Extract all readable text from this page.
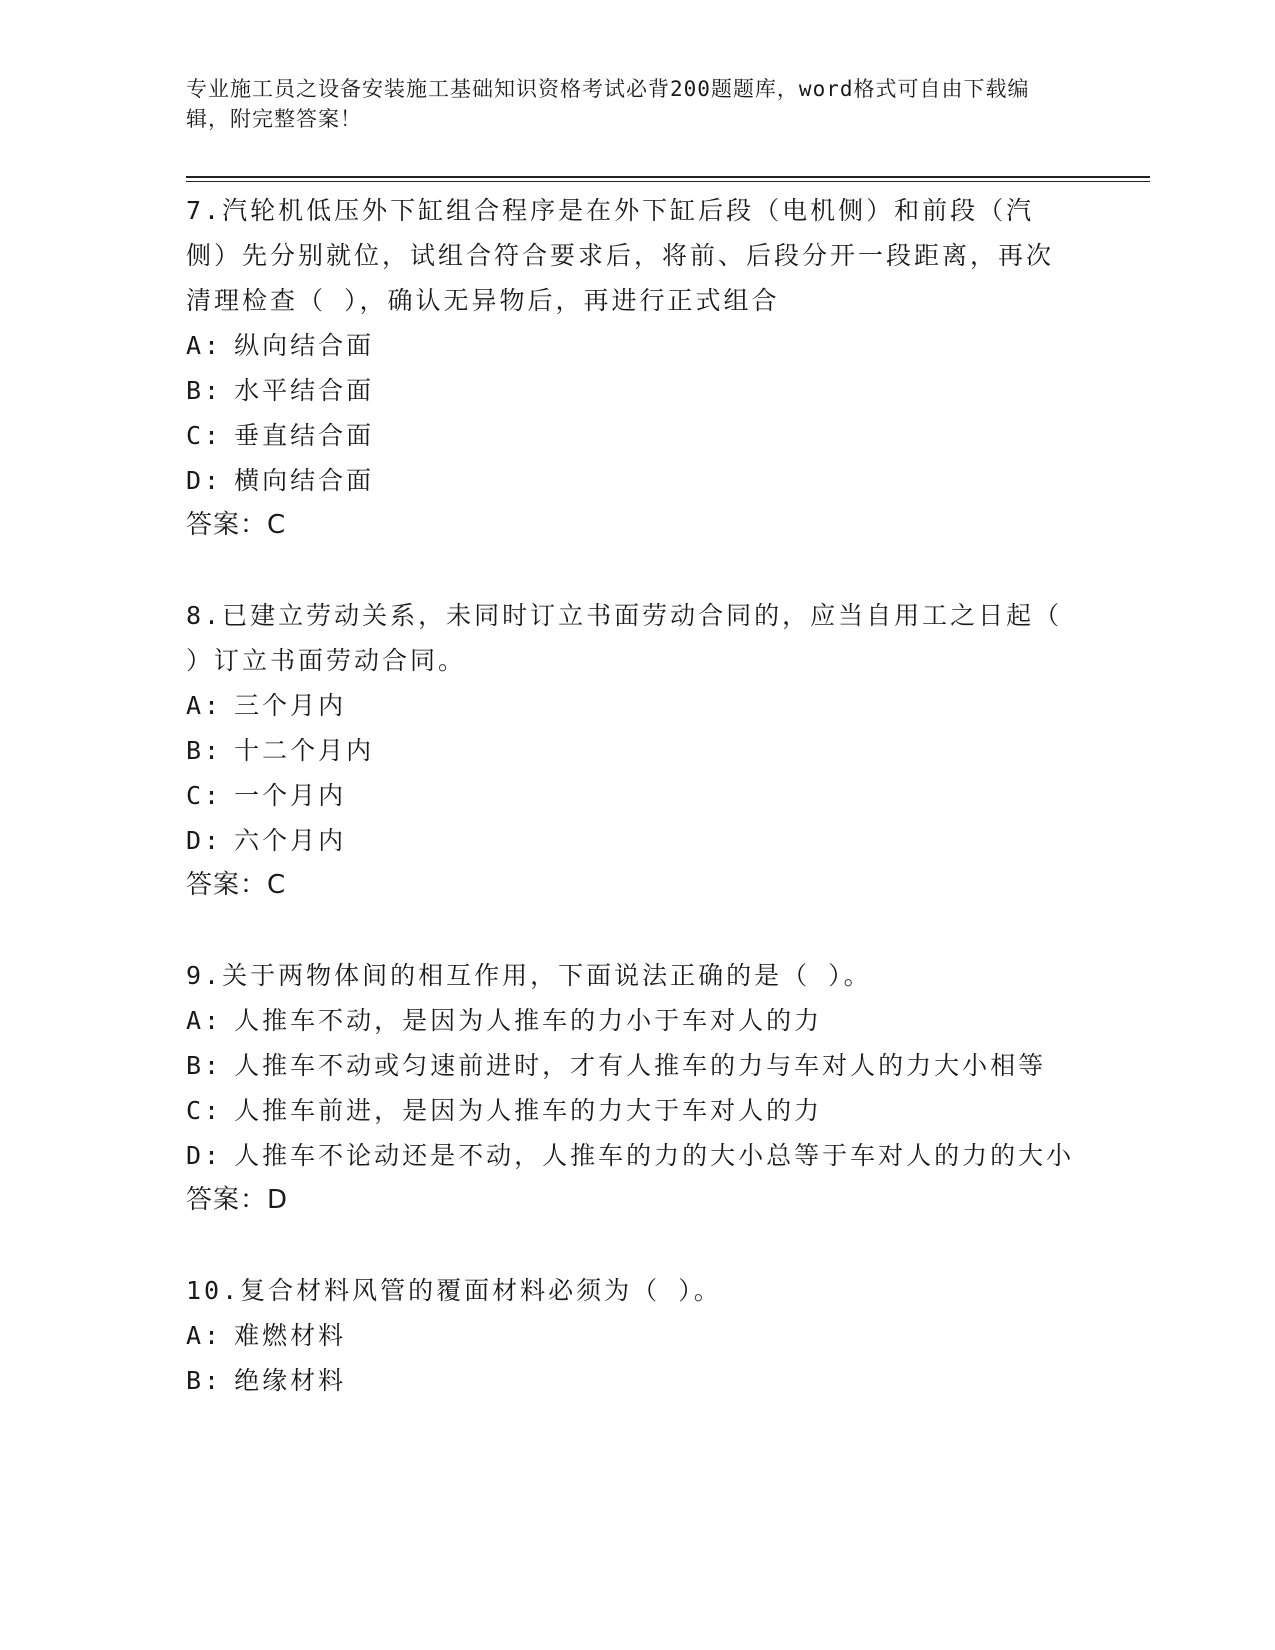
专业施工员之设备安装施工基础知识资格考试必背200题题库，word格式可自由下载编辑，附完整答案！

7.汽轮机低压外下缸组合程序是在外下缸后段（电机侧）和前段（汽侧）先分别就位，试组合符合要求后，将前、后段分开一段距离，再次清理检查（ ），确认无异物后，再进行正式组合

A: 纵向结合面

B: 水平结合面

C: 垂直结合面

D: 横向结合面

答案：C

8.已建立劳动关系，未同时订立书面劳动合同的，应当自用工之日起（ ）订立书面劳动合同。

A: 三个月内

B: 十二个月内

C: 一个月内

D: 六个月内

答案：C

9.关于两物体间的相互作用，下面说法正确的是（ ）。

A: 人推车不动，是因为人推车的力小于车对人的力

B: 人推车不动或匀速前进时，才有人推车的力与车对人的力大小相等

C: 人推车前进，是因为人推车的力大于车对人的力

D: 人推车不论动还是不动，人推车的力的大小总等于车对人的力的大小

答案：D

10.复合材料风管的覆面材料必须为（ ）。

A: 难燃材料

B: 绝缘材料
